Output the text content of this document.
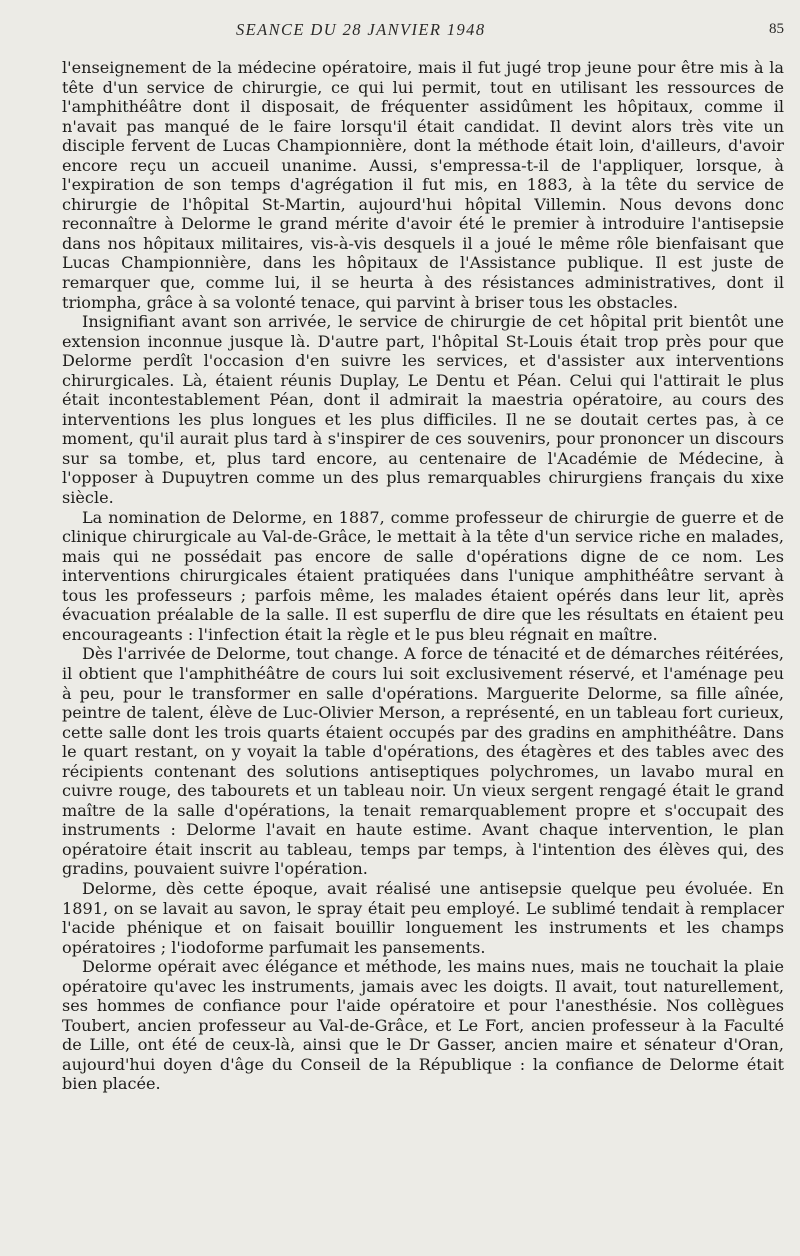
SEANCE DU 28 JANVIER 1948	85

l'enseignement de la médecine opératoire, mais il fut jugé trop jeune pour être mis à la tête d'un service de chirurgie, ce qui lui permit, tout en utilisant les ressources de l'amphithéâtre dont il disposait, de fréquenter assidûment les hôpitaux, comme il n'avait pas manqué de le faire lorsqu'il était candidat. Il devint alors très vite un disciple fervent de Lucas Championnière, dont la méthode était loin, d'ailleurs, d'avoir encore reçu un accueil unanime. Aussi, s'empressa-t-il de l'appliquer, lorsque, à l'expiration de son temps d'agrégation il fut mis, en 1883, à la tête du service de chirurgie de l'hôpital St-Martin, aujourd'hui hôpital Villemin. Nous devons donc reconnaître à Delorme le grand mérite d'avoir été le premier à introduire l'antisepsie dans nos hôpitaux militaires, vis-à-vis desquels il a joué le même rôle bienfaisant que Lucas Championnière, dans les hôpitaux de l'Assistance publique. Il est juste de remarquer que, comme lui, il se heurta à des résistances administratives, dont il triompha, grâce à sa volonté tenace, qui parvint à briser tous les obstacles.

Insignifiant avant son arrivée, le service de chirurgie de cet hôpital prit bientôt une extension inconnue jusque là. D'autre part, l'hôpital St-Louis était trop près pour que Delorme perdît l'occasion d'en suivre les services, et d'assister aux interventions chirurgicales. Là, étaient réunis Duplay, Le Dentu et Péan. Celui qui l'attirait le plus était incontestablement Péan, dont il admirait la maestria opératoire, au cours des interventions les plus longues et les plus difficiles. Il ne se doutait certes pas, à ce moment, qu'il aurait plus tard à s'inspirer de ces souvenirs, pour prononcer un discours sur sa tombe, et, plus tard encore, au centenaire de l'Académie de Médecine, à l'opposer à Dupuytren comme un des plus remarquables chirurgiens français du xixe siècle.

La nomination de Delorme, en 1887, comme professeur de chirurgie de guerre et de clinique chirurgicale au Val-de-Grâce, le mettait à la tête d'un service riche en malades, mais qui ne possédait pas encore de salle d'opérations digne de ce nom. Les interventions chirurgicales étaient pratiquées dans l'unique amphithéâtre servant à tous les professeurs ; parfois même, les malades étaient opérés dans leur lit, après évacuation préalable de la salle. Il est superflu de dire que les résultats en étaient peu encourageants : l'infection était la règle et le pus bleu régnait en maître.

Dès l'arrivée de Delorme, tout change. A force de ténacité et de démarches réitérées, il obtient que l'amphithéâtre de cours lui soit exclusivement réservé, et l'aménage peu à peu, pour le transformer en salle d'opérations. Marguerite Delorme, sa fille aînée, peintre de talent, élève de Luc-Olivier Merson, a représenté, en un tableau fort curieux, cette salle dont les trois quarts étaient occupés par des gradins en amphithéâtre. Dans le quart restant, on y voyait la table d'opérations, des étagères et des tables avec des récipients contenant des solutions antiseptiques polychromes, un lavabo mural en cuivre rouge, des tabourets et un tableau noir. Un vieux sergent rengagé était le grand maître de la salle d'opérations, la tenait remarquablement propre et s'occupait des instruments : Delorme l'avait en haute estime. Avant chaque intervention, le plan opératoire était inscrit au tableau, temps par temps, à l'intention des élèves qui, des gradins, pouvaient suivre l'opération.

Delorme, dès cette époque, avait réalisé une antisepsie quelque peu évoluée. En 1891, on se lavait au savon, le spray était peu employé. Le sublimé tendait à remplacer l'acide phénique et on faisait bouillir longuement les instruments et les champs opératoires ; l'iodoforme parfumait les pansements.

Delorme opérait avec élégance et méthode, les mains nues, mais ne touchait la plaie opératoire qu'avec les instruments, jamais avec les doigts. Il avait, tout naturellement, ses hommes de confiance pour l'aide opératoire et pour l'anesthésie. Nos collègues Toubert, ancien professeur au Val-de-Grâce, et Le Fort, ancien professeur à la Faculté de Lille, ont été de ceux-là, ainsi que le Dr Gasser, ancien maire et sénateur d'Oran, aujourd'hui doyen d'âge du Conseil de la République : la confiance de Delorme était bien placée.
